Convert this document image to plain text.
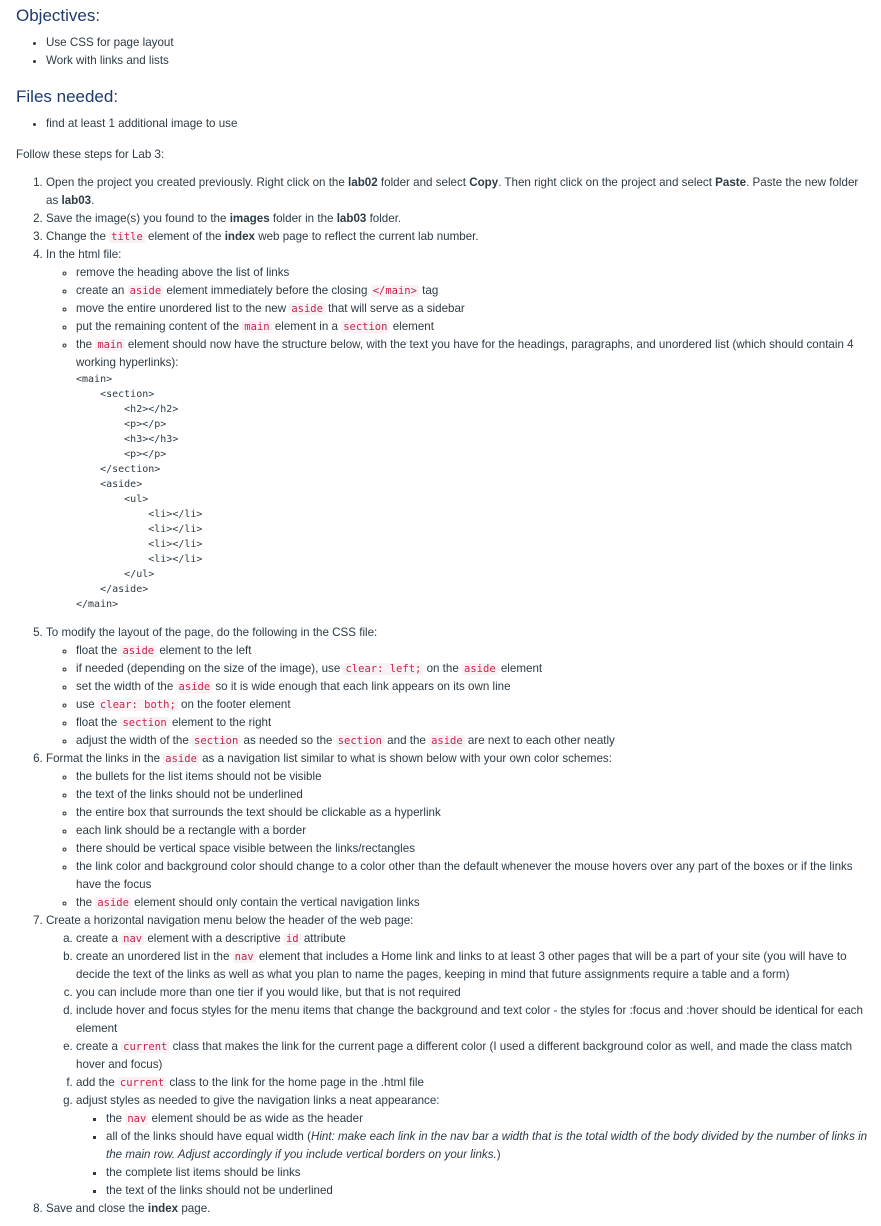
Objectives:
• Use CSS for page layout
• Work with links and lists
Files needed:
• find at least 1 additional image to use

Follow these steps for Lab 3:

1. Open the project you created previously. Right click on the lab02 folder and select Copy. Then right click on the project and select Paste. Paste the new folder as lab03.
2. Save the image(s) you found to the images folder in the lab03 folder.
3. Change the title element of the index web page to reflect the current lab number.
4. In the html file:
◦ remove the heading above the list of links
◦ create an aside element immediately before the closing </main> tag
◦ move the entire unordered list to the new aside that will serve as a sidebar
◦ put the remaining content of the main element in a section element
◦ the main element should now have the structure below, with the text you have for the headings, paragraphs, and unordered list (which should contain 4 working hyperlinks):
<main>
<section>
<h2></h2>
<p></p>
<h3></h3>
<p></p>
</section>
<aside>
<ul>
<li></li>
<li></li>
<li></li>
<li></li>
</ul>
</aside>
</main>
5. To modify the layout of the page, do the following in the CSS file:
◦ float the aside element to the left
◦ if needed (depending on the size of the image), use clear: left; on the aside element
◦ set the width of the aside so it is wide enough that each link appears on its own line
◦ use clear: both; on the footer element
◦ float the section element to the right
◦ adjust the width of the section as needed so the section and the aside are next to each other neatly
6. Format the links in the aside as a navigation list similar to what is shown below with your own color schemes:
◦ the bullets for the list items should not be visible
◦ the text of the links should not be underlined
◦ the entire box that surrounds the text should be clickable as a hyperlink
◦ each link should be a rectangle with a border
◦ there should be vertical space visible between the links/rectangles
◦ the link color and background color should change to a color other than the default whenever the mouse hovers over any part of the boxes or if the links have the focus
◦ the aside element should only contain the vertical navigation links
7. Create a horizontal navigation menu below the header of the web page:
a. create a nav element with a descriptive id attribute
b. create an unordered list in the nav element that includes a Home link and links to at least 3 other pages that will be a part of your site (you will have to decide the text of the links as well as what you plan to name the pages, keeping in mind that future assignments require a table and a form)
c. you can include more than one tier if you would like, but that is not required
d. include hover and focus styles for the menu items that change the background and text color - the styles for :focus and :hover should be identical for each element
e. create a current class that makes the link for the current page a different color (I used a different background color as well, and made the class match hover and focus)
f. add the current class to the link for the home page in the .html file
g. adjust styles as needed to give the navigation links a neat appearance:
▪ the nav element should be as wide as the header
▪ all of the links should have equal width (Hint: make each link in the nav bar a width that is the total width of the body divided by the number of links in the main row. Adjust accordingly if you include vertical borders on your links.)
▪ the complete list items should be links
▪ the text of the links should not be underlined
8. Save and close the index page.
